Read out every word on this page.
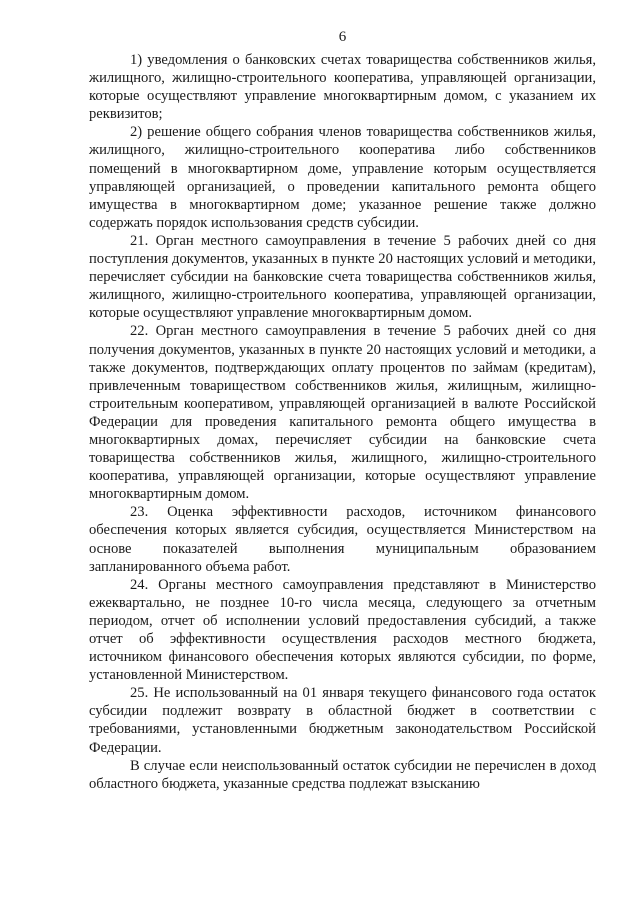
6

1) уведомления о банковских счетах товарищества собственников жилья, жилищного, жилищно-строительного кооператива, управляющей организации, которые осуществляют управление многоквартирным домом, с указанием их реквизитов;

2) решение общего собрания членов товарищества собственников жилья, жилищного, жилищно-строительного кооператива либо собственников помещений в многоквартирном доме, управление которым осуществляется управляющей организацией, о проведении капитального ремонта общего имущества в многоквартирном доме; указанное решение также должно содержать порядок использования средств субсидии.

21. Орган местного самоуправления в течение 5 рабочих дней со дня поступления документов, указанных в пункте 20 настоящих условий и методики, перечисляет субсидии на банковские счета товарищества собственников жилья, жилищного, жилищно-строительного кооператива, управляющей организации, которые осуществляют управление многоквартирным домом.

22. Орган местного самоуправления в течение 5 рабочих дней со дня получения документов, указанных в пункте 20 настоящих условий и методики, а также документов, подтверждающих оплату процентов по займам (кредитам), привлеченным товариществом собственников жилья, жилищным, жилищно-строительным кооперативом, управляющей организацией в валюте Российской Федерации для проведения капитального ремонта общего имущества в многоквартирных домах, перечисляет субсидии на банковские счета товарищества собственников жилья, жилищного, жилищно-строительного кооператива, управляющей организации, которые осуществляют управление многоквартирным домом.

23. Оценка эффективности расходов, источником финансового обеспечения которых является субсидия, осуществляется Министерством на основе показателей выполнения муниципальным образованием запланированного объема работ.

24. Органы местного самоуправления представляют в Министерство ежеквартально, не позднее 10-го числа месяца, следующего за отчетным периодом, отчет об исполнении условий предоставления субсидий, а также отчет об эффективности осуществления расходов местного бюджета, источником финансового обеспечения которых являются субсидии, по форме, установленной Министерством.

25. Не использованный на 01 января текущего финансового года остаток субсидии подлежит возврату в областной бюджет в соответствии с требованиями, установленными бюджетным законодательством Российской Федерации.

В случае если неиспользованный остаток субсидии не перечислен в доход областного бюджета, указанные средства подлежат взысканию
